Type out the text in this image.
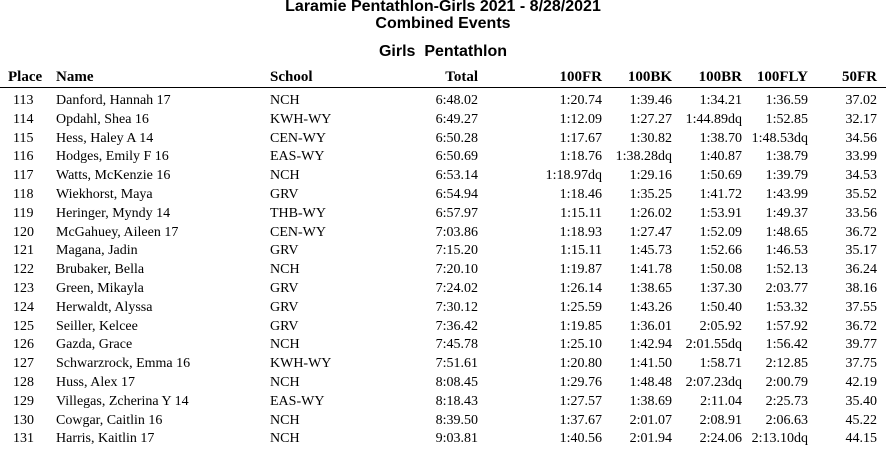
Laramie Pentathlon-Girls 2021 - 8/28/2021
Combined Events
Girls  Pentathlon
Place Name	School	Total	100FR 100BK 100BR 100FLY 50FR
113 Danford, Hannah 17	NCH	6:48.02	1:20.74 1:39.46 1:34.21 1:36.59	37.02
114 Opdahl, Shea 16	KWH-WY	6:49.27	1:12.09 1:27.27 1:44.89dq 1:52.85	32.17
115 Hess, Haley A 14	CEN-WY	6:50.28	1:17.67 1:30.82 1:38.70 1:48.53dq	34.56
116 Hodges, Emily F 16	EAS-WY	6:50.69	1:18.76 1:38.28dq 1:40.87 1:38.79	33.99
117 Watts, McKenzie 16	NCH	6:53.14	1:18.97dq 1:29.16 1:50.69 1:39.79	34.53
118 Wiekhorst, Maya	GRV	6:54.94	1:18.46 1:35.25 1:41.72 1:43.99	35.52
119 Heringer, Myndy 14	THB-WY	6:57.97	1:15.11 1:26.02 1:53.91 1:49.37	33.56
120 McGahuey, Aileen 17	CEN-WY	7:03.86	1:18.93 1:27.47 1:52.09 1:48.65	36.72
121 Magana, Jadin	GRV	7:15.20	1:15.11 1:45.73 1:52.66 1:46.53	35.17
122 Brubaker, Bella	NCH	7:20.10	1:19.87 1:41.78 1:50.08 1:52.13	36.24
123 Green, Mikayla	GRV	7:24.02	1:26.14 1:38.65 1:37.30 2:03.77	38.16
124 Herwaldt, Alyssa	GRV	7:30.12	1:25.59 1:43.26 1:50.40 1:53.32	37.55
125 Seiller, Kelcee	GRV	7:36.42	1:19.85 1:36.01 2:05.92 1:57.92	36.72
126 Gazda, Grace	NCH	7:45.78	1:25.10 1:42.94 2:01.55dq 1:56.42	39.77
127 Schwarzrock, Emma 16	KWH-WY	7:51.61	1:20.80 1:41.50 1:58.71 2:12.85	37.75
128 Huss, Alex 17	NCH	8:08.45	1:29.76 1:48.48 2:07.23dq 2:00.79	42.19
129 Villegas, Zcherina Y 14	EAS-WY	8:18.43	1:27.57 1:38.69 2:11.04 2:25.73	35.40
130 Cowgar, Caitlin 16	NCH	8:39.50	1:37.67 2:01.07 2:08.91 2:06.63	45.22
131 Harris, Kaitlin 17	NCH	9:03.81	1:40.56 2:01.94 2:24.06 2:13.10dq	44.15
